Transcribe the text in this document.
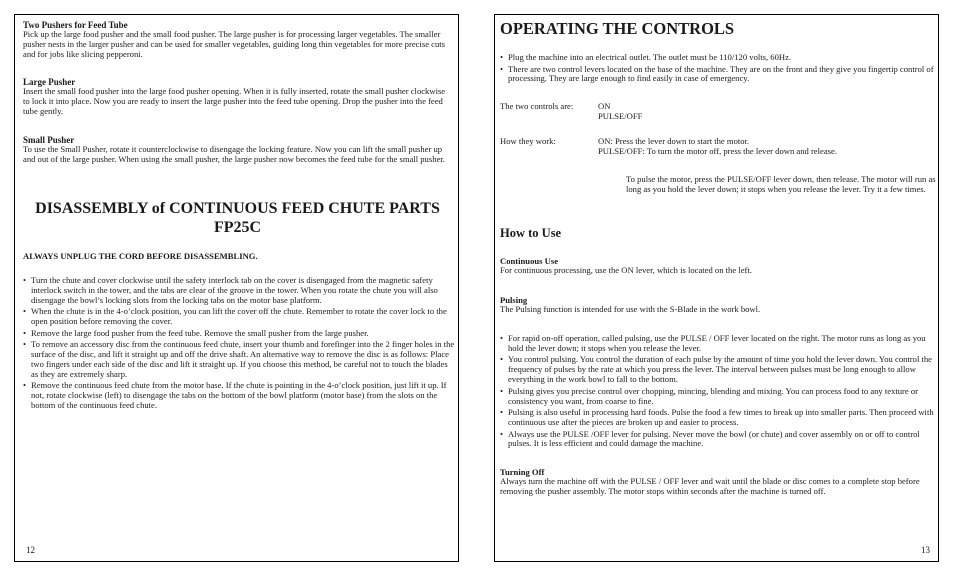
Two Pushers for Feed Tube

Pick up the large food pusher and the small food pusher. The large pusher is for processing larger vegetables. The smaller pusher nests in the larger pusher and can be used for smaller vegetables, guiding long thin vegetables for more precise cuts and for jobs like slicing pepperoni.

Large Pusher

Insert the small food pusher into the large food pusher opening. When it is fully inserted, rotate the small pusher clockwise to lock it into place. Now you are ready to insert the large pusher into the feed tube opening. Drop the pusher into the feed tube gently.

Small Pusher

To use the Small Pusher, rotate it counterclockwise to disengage the locking feature. Now you can lift the small pusher up and out of the large pusher. When using the small pusher, the large pusher now becomes the feed tube for the small pusher.

DISASSEMBLY of CONTINUOUS FEED CHUTE PARTS

FP25C

ALWAYS UNPLUG THE CORD BEFORE DISASSEMBLING.

• Turn the chute and cover clockwise until the safety interlock tab on the cover is disengaged from the magnetic safety interlock switch in the tower, and the tabs are clear of the groove in the tower. When you rotate the chute you will also disengage the bowl’s locking slots from the locking tabs on the motor base platform.
• When the chute is in the 4-o’clock position, you can lift the cover off the chute. Remember to rotate the cover lock to the open position before removing the cover.
• Remove the large food pusher from the feed tube. Remove the small pusher from the large pusher.
• To remove an accessory disc from the continuous feed chute, insert your thumb and forefinger into the 2 finger holes in the surface of the disc, and lift it straight up and off the drive shaft. An alternative way to remove the disc is as follows: Place two fingers under each side of the disc and lift it straight up. If you choose this method, be careful not to touch the blades as they are extremely sharp.
• Remove the continuous feed chute from the motor base. If the chute is pointing in the 4-o’clock position, just lift it up. If not, rotate clockwise (left) to disengage the tabs on the bottom of the bowl platform (motor base) from the slots on the bottom of the continuous feed chute.
12

OPERATING THE CONTROLS

• Plug the machine into an electrical outlet. The outlet must be 110/120 volts, 60Hz.
• There are two control levers located on the base of the machine. They are on the front and they give you fingertip control of processing. They are large enough to find easily in case of emergency.
The two controls are:	ON

PULSE/OFF

How they work:	ON: Press the lever down to start the motor.

PULSE/OFF: To turn the motor off, press the lever down and release.

To pulse the motor, press the PULSE/OFF lever down, then release. The motor will run as long as you hold the lever down; it stops when you release the lever. Try it a few times.

How to Use

Continuous Use

For continuous processing, use the ON lever, which is located on the left.

Pulsing

The Pulsing function is intended for use with the S-Blade in the work bowl.

• For rapid on-off operation, called pulsing, use the PULSE / OFF lever located on the right. The motor runs as long as you hold the lever down; it stops when you release the lever.
• You control pulsing. You control the duration of each pulse by the amount of time you hold the lever down. You control the frequency of pulses by the rate at which you press the lever. The interval between pulses must be long enough to allow everything in the work bowl to fall to the bottom.
• Pulsing gives you precise control over chopping, mincing, blending and mixing. You can process food to any texture or consistency you want, from coarse to fine.
• Pulsing is also useful in processing hard foods. Pulse the food a few times to break up into smaller parts. Then proceed with continuous use after the pieces are broken up and easier to process.
• Always use the PULSE /OFF lever for pulsing. Never move the bowl (or chute) and cover assembly on or off to control pulses. It is less efficient and could damage the machine.

Turning Off

Always turn the machine off with the PULSE / OFF lever and wait until the blade or disc comes to a complete stop before removing the pusher assembly. The motor stops within seconds after the machine is turned off.

13
